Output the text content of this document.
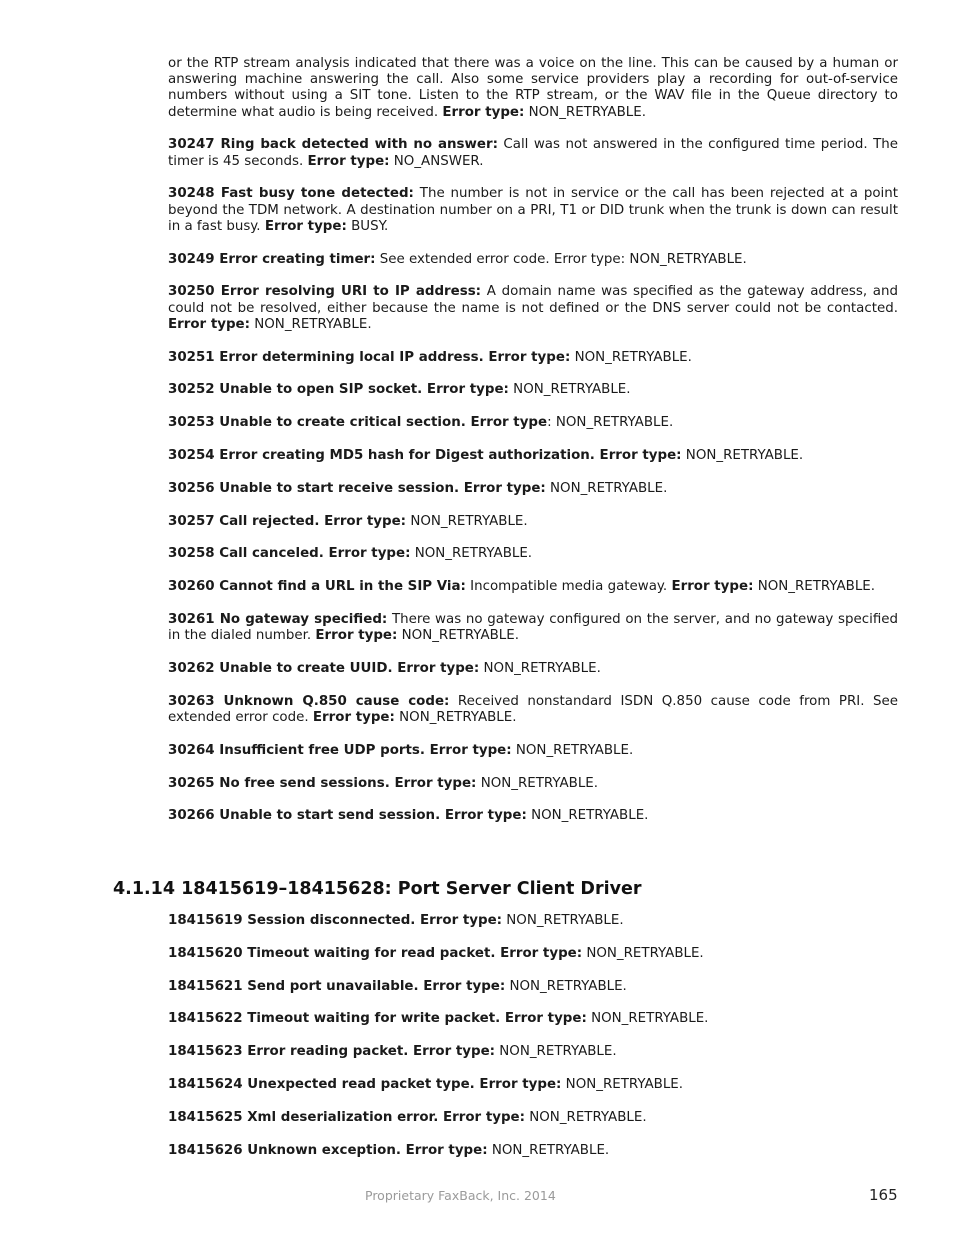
or the RTP stream analysis indicated that there was a voice on the line. This can be caused by a human or answering machine answering the call. Also some service providers play a recording for out-of-service numbers without using a SIT tone. Listen to the RTP stream, or the WAV file in the Queue directory to determine what audio is being received. Error type: NON_RETRYABLE.

30247 Ring back detected with no answer: Call was not answered in the configured time period. The timer is 45 seconds. Error type: NO_ANSWER.

30248 Fast busy tone detected: The number is not in service or the call has been rejected at a point beyond the TDM network. A destination number on a PRI, T1 or DID trunk when the trunk is down can result in a fast busy. Error type: BUSY.

30249 Error creating timer: See extended error code. Error type: NON_RETRYABLE.

30250 Error resolving URI to IP address: A domain name was specified as the gateway address, and could not be resolved, either because the name is not defined or the DNS server could not be contacted. Error type: NON_RETRYABLE.

30251 Error determining local IP address. Error type: NON_RETRYABLE.

30252 Unable to open SIP socket. Error type: NON_RETRYABLE.

30253 Unable to create critical section. Error type: NON_RETRYABLE.

30254 Error creating MD5 hash for Digest authorization. Error type: NON_RETRYABLE.

30256 Unable to start receive session. Error type: NON_RETRYABLE.

30257 Call rejected. Error type: NON_RETRYABLE.

30258 Call canceled. Error type: NON_RETRYABLE.

30260 Cannot find a URL in the SIP Via: Incompatible media gateway. Error type: NON_RETRYABLE.

30261 No gateway specified: There was no gateway configured on the server, and no gateway specified in the dialed number. Error type: NON_RETRYABLE.

30262 Unable to create UUID. Error type: NON_RETRYABLE.

30263 Unknown Q.850 cause code: Received nonstandard ISDN Q.850 cause code from PRI. See extended error code. Error type: NON_RETRYABLE.

30264 Insufficient free UDP ports. Error type: NON_RETRYABLE.

30265 No free send sessions. Error type: NON_RETRYABLE.

30266 Unable to start send session. Error type: NON_RETRYABLE.

4.1.14 18415619–18415628: Port Server Client Driver

18415619 Session disconnected. Error type: NON_RETRYABLE.

18415620 Timeout waiting for read packet. Error type: NON_RETRYABLE.

18415621 Send port unavailable. Error type: NON_RETRYABLE.

18415622 Timeout waiting for write packet. Error type: NON_RETRYABLE.

18415623 Error reading packet. Error type: NON_RETRYABLE.

18415624 Unexpected read packet type. Error type: NON_RETRYABLE.

18415625 Xml deserialization error. Error type: NON_RETRYABLE.

18415626 Unknown exception. Error type: NON_RETRYABLE.

Proprietary FaxBack, Inc. 2014	165
